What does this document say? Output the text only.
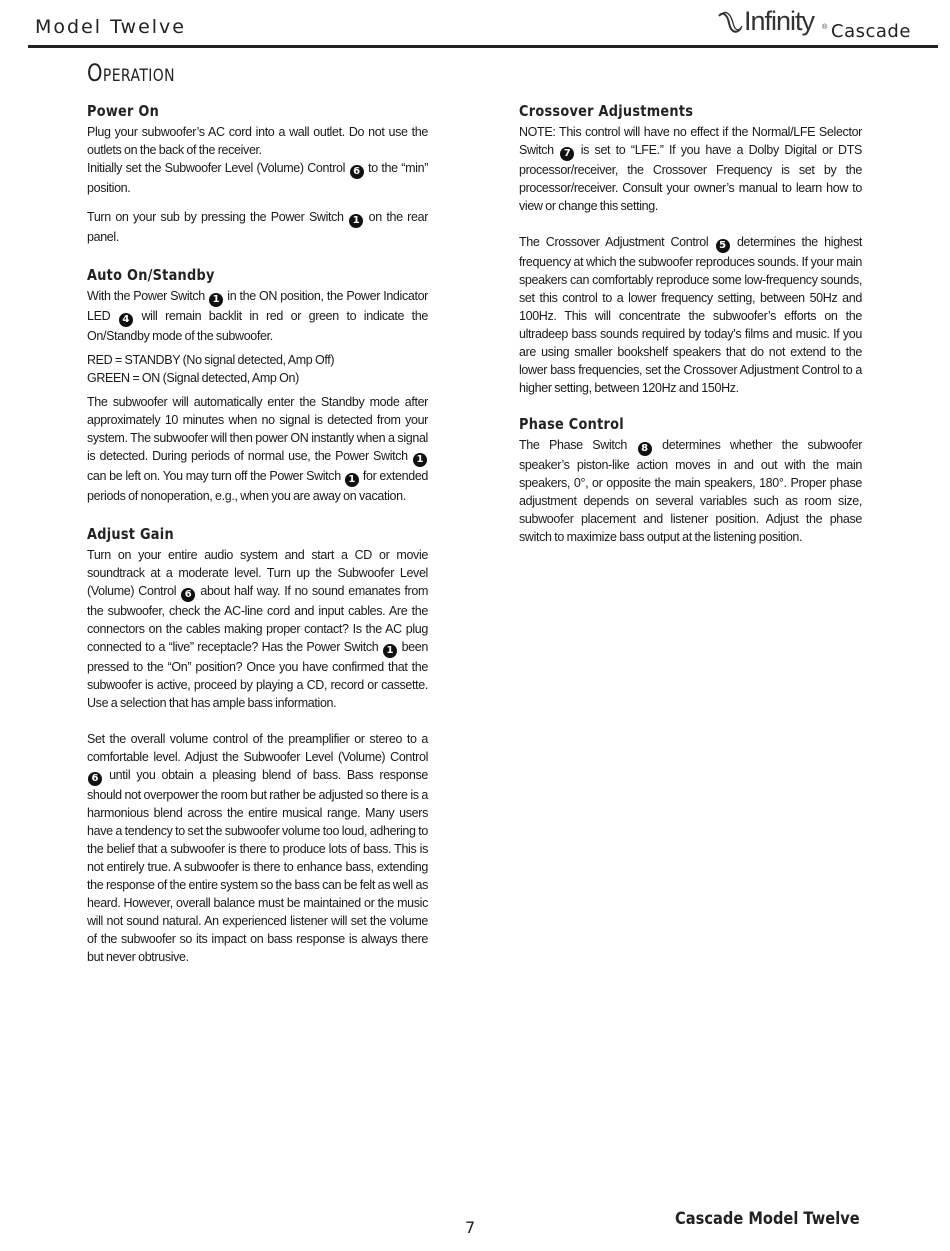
Model Twelve	Infinity ® Cascade
OPERATION
Power On

Plug your subwoofer’s AC cord into a wall outlet. Do not use the outlets on the back of the receiver.

Initially set the Subwoofer Level (Volume) Control 6 to the “min” position.

Turn on your sub by pressing the Power Switch 1 on the rear panel.

Auto On/Standby

With the Power Switch 1 in the ON position, the Power Indicator LED 4 will remain backlit in red or green to indicate the On/Standby mode of the subwoofer.

RED = STANDBY (No signal detected, Amp Off)

GREEN = ON (Signal detected, Amp On)

The subwoofer will automatically enter the Standby mode after approximately 10 minutes when no signal is detected from your system. The subwoofer will then power ON instantly when a signal is detected. During periods of normal use, the Power Switch 1 can be left on. You may turn off the Power Switch 1 for extended periods of nonoperation, e.g., when you are away on vacation.

Adjust Gain

Turn on your entire audio system and start a CD or movie soundtrack at a moderate level. Turn up the Subwoofer Level (Volume) Control 6 about half way. If no sound emanates from the subwoofer, check the AC-line cord and input cables. Are the connectors on the cables making proper contact? Is the AC plug connected to a “live” receptacle? Has the Power Switch 1 been pressed to the “On” position? Once you have confirmed that the subwoofer is active, proceed by playing a CD, record or cassette. Use a selection that has ample bass information.

Set the overall volume control of the preamplifier or stereo to a comfortable level. Adjust the Subwoofer Level (Volume) Control 6 until you obtain a pleasing blend of bass. Bass response should not overpower the room but rather be adjusted so there is a harmonious blend across the entire musical range. Many users have a tendency to set the subwoofer volume too loud, adhering to the belief that a subwoofer is there to produce lots of bass. This is not entirely true. A subwoofer is there to enhance bass, extending the response of the entire system so the bass can be felt as well as heard. However, overall balance must be maintained or the music will not sound natural. An experienced listener will set the volume of the subwoofer so its impact on bass response is always there but never obtrusive.

Crossover Adjustments

NOTE: This control will have no effect if the Normal/LFE Selector Switch 7 is set to “LFE.” If you have a Dolby Digital or DTS processor/receiver, the Crossover Frequency is set by the processor/receiver. Consult your owner’s manual to learn how to view or change this setting.

The Crossover Adjustment Control 5 determines the highest frequency at which the subwoofer reproduces sounds. If your main speakers can comfortably reproduce some low-frequency sounds, set this control to a lower frequency setting, between 50Hz and 100Hz. This will concentrate the subwoofer’s efforts on the ultradeep bass sounds required by today’s films and music. If you are using smaller bookshelf speakers that do not extend to the lower bass frequencies, set the Crossover Adjustment Control to a higher setting, between 120Hz and 150Hz.

Phase Control

The Phase Switch 8 determines whether the subwoofer speaker’s piston-like action moves in and out with the main speakers, 0°, or opposite the main speakers, 180°. Proper phase adjustment depends on several variables such as room size, subwoofer placement and listener position. Adjust the phase switch to maximize bass output at the listening position.

7	Cascade Model Twelve
